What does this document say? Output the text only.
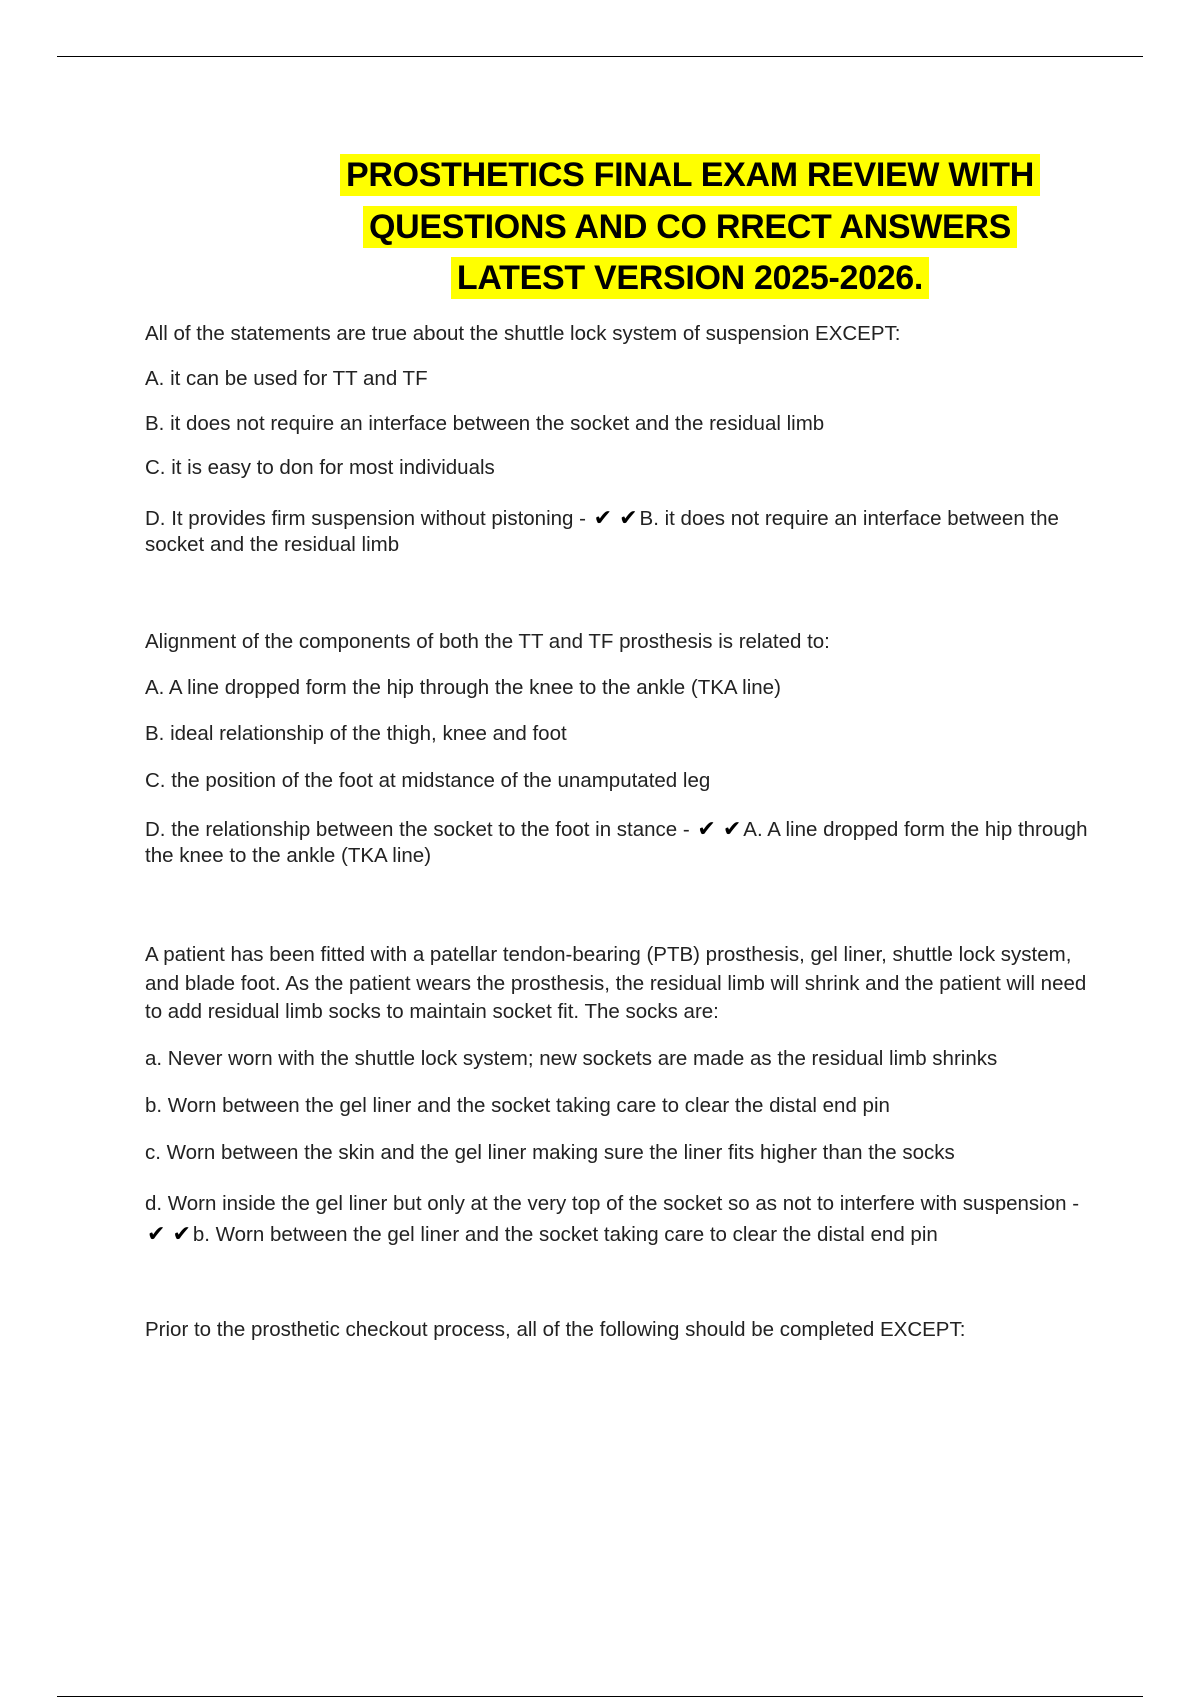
PROSTHETICS FINAL EXAM REVIEW WITH
QUESTIONS AND CO RRECT ANSWERS
LATEST VERSION 2025-2026.

All of the statements are true about the shuttle lock system of suspension EXCEPT:

A. it can be used for TT and TF

B. it does not require an interface between the socket and the residual limb

C. it is easy to don for most individuals

D. It provides firm suspension without pistoning - ✔ ✔B. it does not require an interface between the socket and the residual limb

Alignment of the components of both the TT and TF prosthesis is related to:

A. A line dropped form the hip through the knee to the ankle (TKA line)

B. ideal relationship of the thigh, knee and foot

C. the position of the foot at midstance of the unamputated leg

D. the relationship between the socket to the foot in stance - ✔ ✔A. A line dropped form the hip through the knee to the ankle (TKA line)

A patient has been fitted with a patellar tendon-bearing (PTB) prosthesis, gel liner, shuttle lock system, and blade foot. As the patient wears the prosthesis, the residual limb will shrink and the patient will need to add residual limb socks to maintain socket fit. The socks are:

a. Never worn with the shuttle lock system; new sockets are made as the residual limb shrinks

b. Worn between the gel liner and the socket taking care to clear the distal end pin

c. Worn between the skin and the gel liner making sure the liner fits higher than the socks

d. Worn inside the gel liner but only at the very top of the socket so as not to interfere with suspension - ✔ ✔b. Worn between the gel liner and the socket taking care to clear the distal end pin

Prior to the prosthetic checkout process, all of the following should be completed EXCEPT:
